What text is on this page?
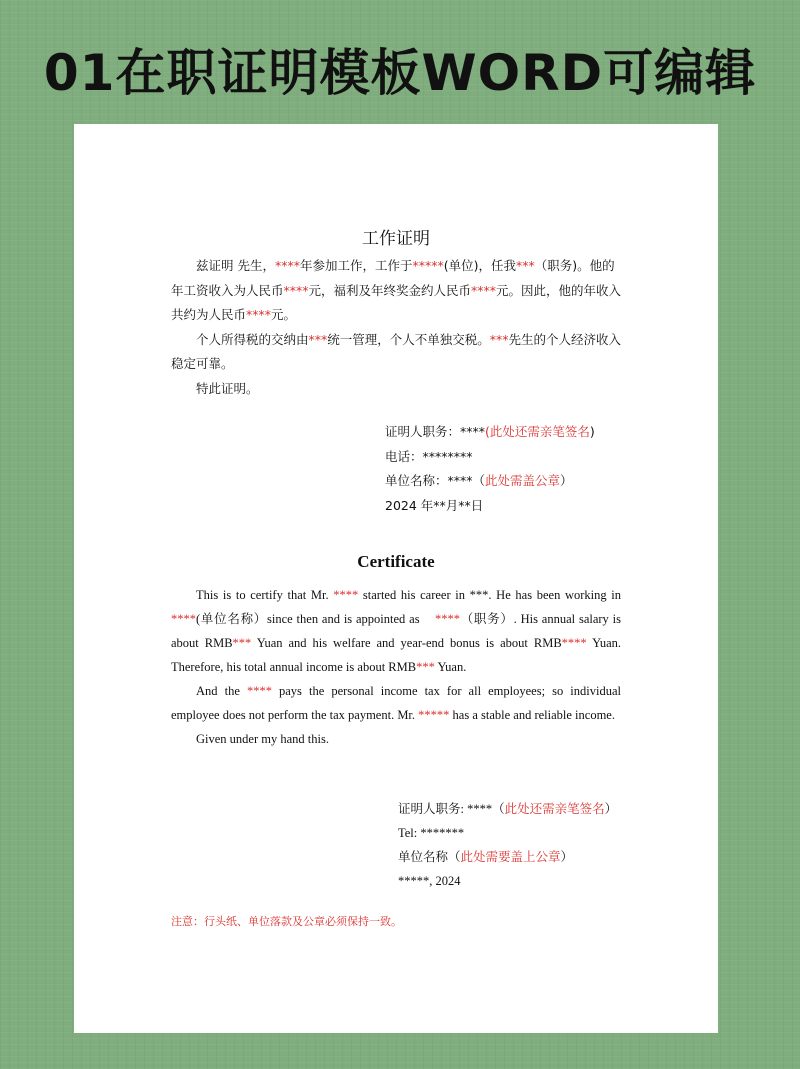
01在职证明模板WORD可编辑
工作证明

兹证明 先生，****年参加工作，工作于*****(单位)，任我***（职务)。他的年工资收入为人民币****元，福利及年终奖金约人民币****元。因此，他的年收入共约为人民币****元。

个人所得税的交纳由***统一管理，个人不单独交税。***先生的个人经济收入稳定可靠。

特此证明。

证明人职务：****(此处还需亲笔签名)
电话：********
单位名称：****（此处需盖公章）
2024 年**月**日
Certificate

This is to certify that Mr. **** started his career in ***. He has been working in ****(单位名称）since then and is appointed as    ****（职务）. His annual salary is about RMB*** Yuan and his welfare and year-end bonus is about RMB**** Yuan. Therefore, his total annual income is about RMB*** Yuan.

And the **** pays the personal income tax for all employees; so individual employee does not perform the tax payment. Mr. ***** has a stable and reliable income.

Given under my hand this.

证明人职务: ****（此处还需亲笔签名）
Tel: *******
单位名称（此处需要盖上公章）
*****, 2024
注意：行头纸、单位落款及公章必须保持一致。
